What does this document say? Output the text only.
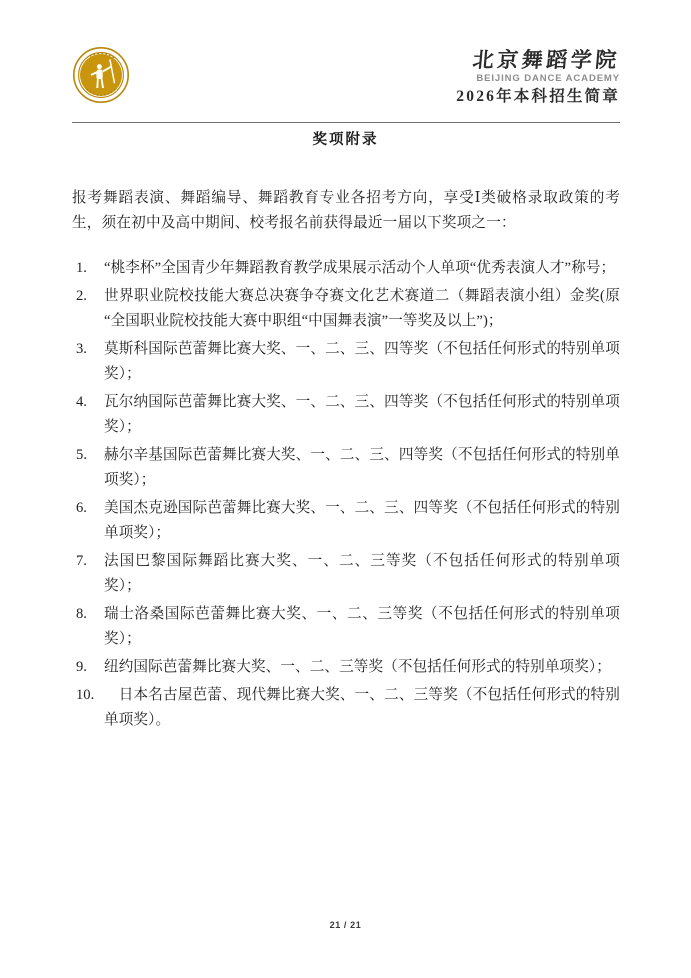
北京舞蹈学院
BEIJING DANCE ACADEMY
2026年本科招生简章
奖项附录

报考舞蹈表演、舞蹈编导、舞蹈教育专业各招考方向，享受Ⅰ类破格录取政策的考生，须在初中及高中期间、校考报名前获得最近一届以下奖项之一：

1.	“桃李杯”全国青少年舞蹈教育教学成果展示活动个人单项“优秀表演人才”称号；
2.	世界职业院校技能大赛总决赛争夺赛文化艺术赛道二（舞蹈表演小组）金奖(原“全国职业院校技能大赛中职组“中国舞表演”一等奖及以上”)；
3.	莫斯科国际芭蕾舞比赛大奖、一、二、三、四等奖（不包括任何形式的特别单项奖）；
4.	瓦尔纳国际芭蕾舞比赛大奖、一、二、三、四等奖（不包括任何形式的特别单项奖）；
5.	赫尔辛基国际芭蕾舞比赛大奖、一、二、三、四等奖（不包括任何形式的特别单项奖）；
6.	美国杰克逊国际芭蕾舞比赛大奖、一、二、三、四等奖（不包括任何形式的特别单项奖）；
7.	法国巴黎国际舞蹈比赛大奖、一、二、三等奖（不包括任何形式的特别单项奖）；
8.	瑞士洛桑国际芭蕾舞比赛大奖、一、二、三等奖（不包括任何形式的特别单项奖）；
9.	纽约国际芭蕾舞比赛大奖、一、二、三等奖（不包括任何形式的特别单项奖）；
10. 　日本名古屋芭蕾、现代舞比赛大奖、一、二、三等奖（不包括任何形式的特别单项奖）。
21 / 21
